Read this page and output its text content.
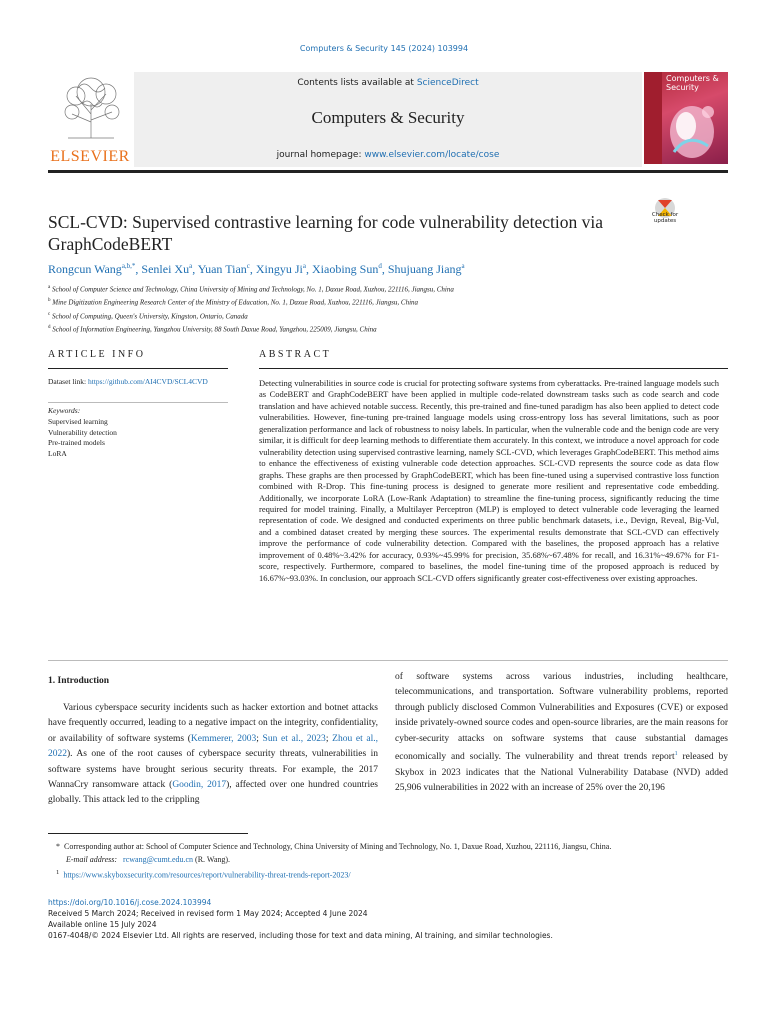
Computers & Security 145 (2024) 103994
ELSEVIER
Contents lists available at ScienceDirect
Computers & Security
journal homepage: www.elsevier.com/locate/cose
Computers & Security
SCL-CVD: Supervised contrastive learning for code vulnerability detection via GraphCodeBERT
Check for updates
Rongcun Wang$^{a,b,*}$, Senlei Xu$^a$, Yuan Tian$^c$, Xingyu Ji$^a$, Xiaobing Sun$^d$, Shujuang Jiang$^a$
$^a$ School of Computer Science and Technology, China University of Mining and Technology, No. 1, Daxue Road, Xuzhou, 221116, Jiangsu, China
$^b$ Mine Digitization Engineering Research Center of the Ministry of Education, No. 1, Daxue Road, Xuzhou, 221116, Jiangsu, China
$^c$ School of Computing, Queen's University, Kingston, Ontario, Canada
$^d$ School of Information Engineering, Yangzhou University, 88 South Daxue Road, Yangzhou, 225009, Jiangsu, China
ARTICLE INFO
Dataset link: https://github.com/AI4CVD/SCL4CVD
Keywords:
Supervised learning
Vulnerability detection
Pre-trained models
LoRA
ABSTRACT
Detecting vulnerabilities in source code is crucial for protecting software systems from cyberattacks. Pre-trained language models such as CodeBERT and GraphCodeBERT have been applied in multiple code-related downstream tasks such as code search and code translation and have achieved notable success. Recently, this pre-trained and fine-tuned paradigm has also been applied to detect code vulnerabilities. However, fine-tuning pre-trained language models using cross-entropy loss has several limitations, such as poor generalization performance and lack of robustness to noisy labels. In particular, when the vulnerable code and the benign code are very similar, it is difficult for deep learning methods to differentiate them accurately. In this context, we introduce a novel approach for code vulnerability detection using supervised contrastive learning, namely SCL-CVD, which leverages GraphCodeBERT. This method aims to enhance the effectiveness of existing vulnerable code detection approaches. SCL-CVD represents the source code as data flow graphs. These graphs are then processed by GraphCodeBERT, which has been fine-tuned using a supervised contrastive loss function combined with R-Drop. This fine-tuning process is designed to generate more resilient and representative code embedding. Additionally, we incorporate LoRA (Low-Rank Adaptation) to streamline the fine-tuning process, significantly reducing the time required for model training. Finally, a Multilayer Perceptron (MLP) is employed to detect vulnerable code leveraging the learned representation of code. We designed and conducted experiments on three public benchmark datasets, i.e., Devign, Reveal, Big-Vul, and a combined dataset created by merging these sources. The experimental results demonstrate that SCL-CVD can effectively improve the performance of code vulnerability detection. Compared with the baselines, the proposed approach has a relative improvement of 0.48%~3.42% for accuracy, 0.93%~45.99% for precision, 35.68%~67.48% for recall, and 16.31%~49.67% for F1-score, respectively. Furthermore, compared to baselines, the model fine-tuning time of the proposed approach is reduced by 16.67%~93.03%. In conclusion, our approach SCL-CVD offers significantly greater cost-effectiveness over existing approaches.
1. Introduction
Various cyberspace security incidents such as hacker extortion and botnet attacks have frequently occurred, leading to a negative impact on the integrity, confidentiality, or availability of software systems (Kemmerer, 2003; Sun et al., 2023; Zhou et al., 2022). As one of the root causes of cyberspace security threats, vulnerabilities in software systems have brought serious security threats. For example, the 2017 WannaCry ransomware attack (Goodin, 2017), affected over one hundred countries globally. This attack led to the crippling
of software systems across various industries, including healthcare, telecommunications, and transportation. Software vulnerability problems, reported through publicly disclosed Common Vulnerabilities and Exposures (CVE) or exposed inside privately-owned source codes and open-source libraries, are the main reasons for cyber-security attacks on software systems that cause substantial damages economically and socially. The vulnerability and threat trends report$^1$ released by Skybox in 2023 indicates that the National Vulnerability Database (NVD) added 25,906 vulnerabilities in 2022 with an increase of 25% over the 20,196
* Corresponding author at: School of Computer Science and Technology, China University of Mining and Technology, No. 1, Daxue Road, Xuzhou, 221116, Jiangsu, China.
E-mail address: rcwang@cumt.edu.cn (R. Wang).
$^1$ https://www.skyboxsecurity.com/resources/report/vulnerability-threat-trends-report-2023/
https://doi.org/10.1016/j.cose.2024.103994
Received 5 March 2024; Received in revised form 1 May 2024; Accepted 4 June 2024
Available online 15 July 2024
0167-4048/© 2024 Elsevier Ltd. All rights are reserved, including those for text and data mining, AI training, and similar technologies.
